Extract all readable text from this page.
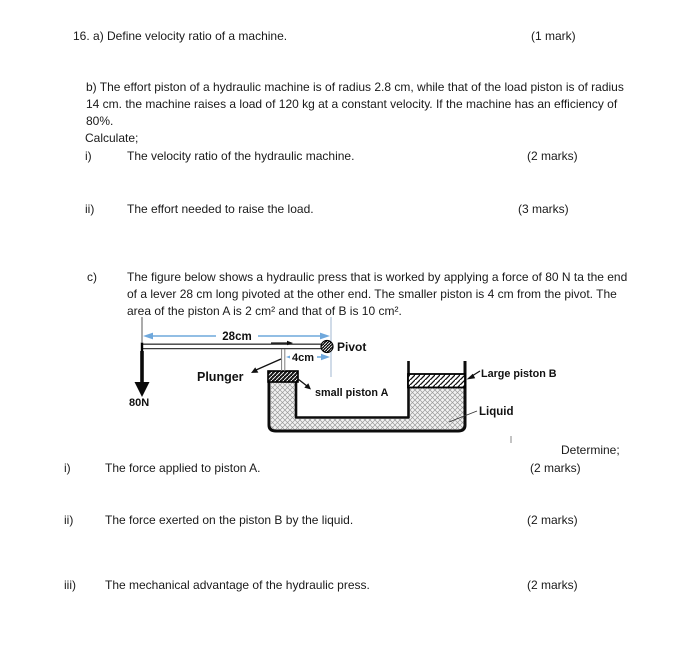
16. a) Define velocity ratio of a machine.	(1 mark)
b) The effort piston of a hydraulic machine is of radius 2.8 cm, while that of the load piston is of radius
14 cm. the machine raises a load of 120 kg at a constant velocity. If the machine has an efficiency of
80%.
Calculate;
i)	The velocity ratio of the hydraulic machine.	(2 marks)
ii)	The effort needed to raise the load.	(3 marks)
c)	The figure below shows a hydraulic press that is worked by applying a force of 80 N ta the end
of a lever 28 cm long pivoted at the other end. The smaller piston is 4 cm from the pivot. The
area of the piston A is 2 cm² and that of B is 10 cm².
28cm
4cm
Pivot
80N
Plunger
small piston A
Large piston B
Liquid
Determine;
i)	The force applied to piston A.	(2 marks)
ii)	The force exerted on the piston B by the liquid.	(2 marks)
iii) The mechanical advantage of the hydraulic press.	(2 marks)
